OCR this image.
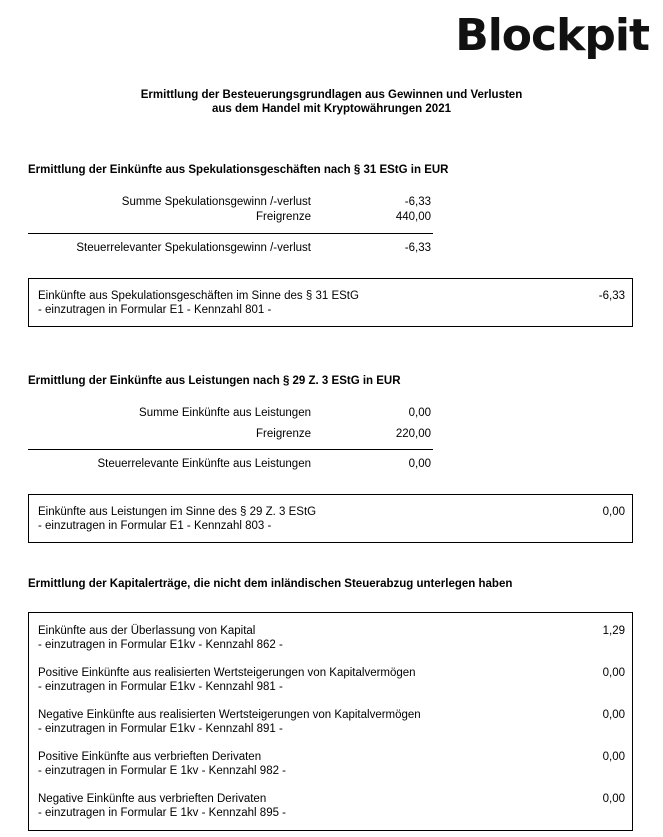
Blockpit
Ermittlung der Besteuerungsgrundlagen aus Gewinnen und Verlusten
aus dem Handel mit Kryptowährungen 2021
Ermittlung der Einkünfte aus Spekulationsgeschäften nach § 31 EStG in EUR
Summe Spekulationsgewinn /-verlust	-6,33
Freigrenze	440,00
Steuerrelevanter Spekulationsgewinn /-verlust	-6,33
Einkünfte aus Spekulationsgeschäften im Sinne des § 31 EStG
- einzutragen in Formular E1 - Kennzahl 801 -
-6,33
Ermittlung der Einkünfte aus Leistungen nach § 29 Z. 3 EStG in EUR
Summe Einkünfte aus Leistungen	0,00
Freigrenze	220,00
Steuerrelevante Einkünfte aus Leistungen	0,00
Einkünfte aus Leistungen im Sinne des § 29 Z. 3 EStG
- einzutragen in Formular E1 - Kennzahl 803 -
0,00
Ermittlung der Kapitalerträge, die nicht dem inländischen Steuerabzug unterlegen haben
Einkünfte aus der Überlassung von Kapital
- einzutragen in Formular E1kv - Kennzahl 862 -
1,29
Positive Einkünfte aus realisierten Wertsteigerungen von Kapitalvermögen
- einzutragen in Formular E1kv - Kennzahl 981 -
0,00
Negative Einkünfte aus realisierten Wertsteigerungen von Kapitalvermögen
- einzutragen in Formular E1kv - Kennzahl 891 -
0,00
Positive Einkünfte aus verbrieften Derivaten
- einzutragen in Formular E 1kv - Kennzahl 982 -
0,00
Negative Einkünfte aus verbrieften Derivaten
- einzutragen in Formular E 1kv - Kennzahl 895 -
0,00
